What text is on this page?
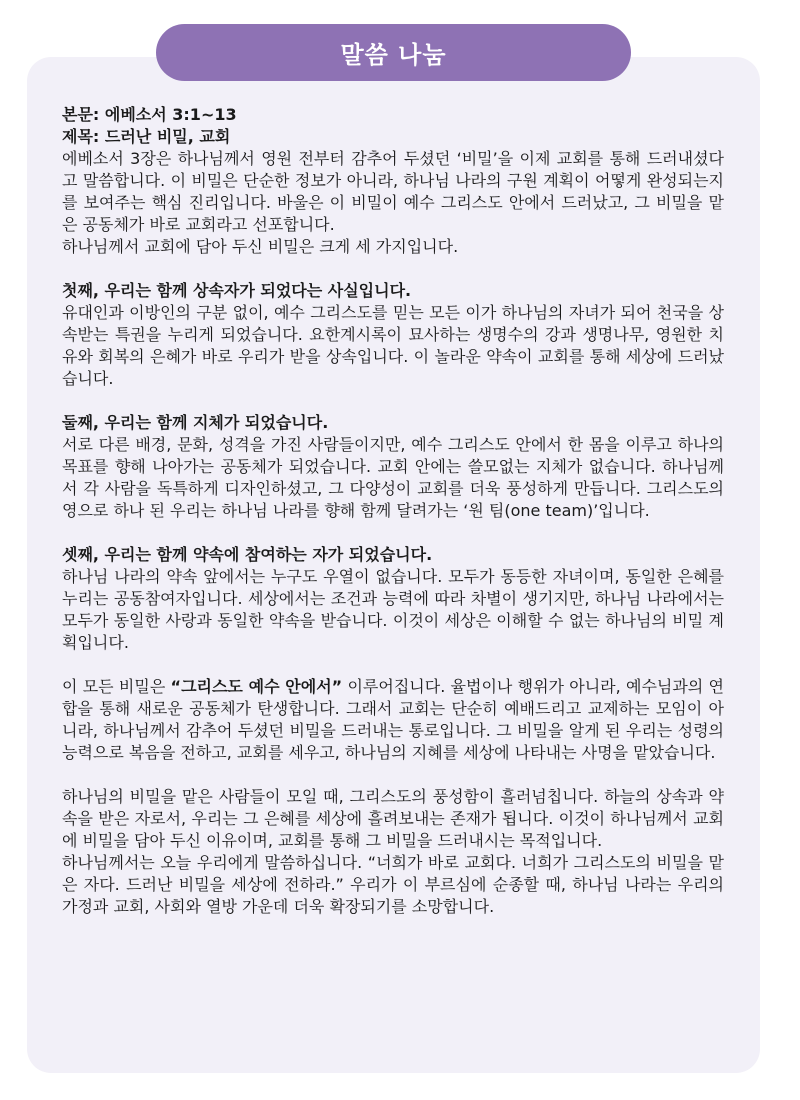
말씀 나눔
본문: 에베소서 3:1~13
제목: 드러난 비밀, 교회

에베소서 3장은 하나님께서 영원 전부터 감추어 두셨던 ‘비밀’을 이제 교회를 통해 드러내셨다고 말씀합니다. 이 비밀은 단순한 정보가 아니라, 하나님 나라의 구원 계획이 어떻게 완성되는지를 보여주는 핵심 진리입니다. 바울은 이 비밀이 예수 그리스도 안에서 드러났고, 그 비밀을 맡은 공동체가 바로 교회라고 선포합니다.

하나님께서 교회에 담아 두신 비밀은 크게 세 가지입니다.

첫째, 우리는 함께 상속자가 되었다는 사실입니다.

유대인과 이방인의 구분 없이, 예수 그리스도를 믿는 모든 이가 하나님의 자녀가 되어 천국을 상속받는 특권을 누리게 되었습니다. 요한계시록이 묘사하는 생명수의 강과 생명나무, 영원한 치유와 회복의 은혜가 바로 우리가 받을 상속입니다. 이 놀라운 약속이 교회를 통해 세상에 드러났습니다.

둘째, 우리는 함께 지체가 되었습니다.

서로 다른 배경, 문화, 성격을 가진 사람들이지만, 예수 그리스도 안에서 한 몸을 이루고 하나의 목표를 향해 나아가는 공동체가 되었습니다. 교회 안에는 쓸모없는 지체가 없습니다. 하나님께서 각 사람을 독특하게 디자인하셨고, 그 다양성이 교회를 더욱 풍성하게 만듭니다. 그리스도의 영으로 하나 된 우리는 하나님 나라를 향해 함께 달려가는 ‘원 팀(one team)’입니다.

셋째, 우리는 함께 약속에 참여하는 자가 되었습니다.

하나님 나라의 약속 앞에서는 누구도 우열이 없습니다. 모두가 동등한 자녀이며, 동일한 은혜를 누리는 공동참여자입니다. 세상에서는 조건과 능력에 따라 차별이 생기지만, 하나님 나라에서는 모두가 동일한 사랑과 동일한 약속을 받습니다. 이것이 세상은 이해할 수 없는 하나님의 비밀 계획입니다.

이 모든 비밀은 “그리스도 예수 안에서” 이루어집니다. 율법이나 행위가 아니라, 예수님과의 연합을 통해 새로운 공동체가 탄생합니다. 그래서 교회는 단순히 예배드리고 교제하는 모임이 아니라, 하나님께서 감추어 두셨던 비밀을 드러내는 통로입니다. 그 비밀을 알게 된 우리는 성령의 능력으로 복음을 전하고, 교회를 세우고, 하나님의 지혜를 세상에 나타내는 사명을 맡았습니다.

하나님의 비밀을 맡은 사람들이 모일 때, 그리스도의 풍성함이 흘러넘칩니다. 하늘의 상속과 약속을 받은 자로서, 우리는 그 은혜를 세상에 흘려보내는 존재가 됩니다. 이것이 하나님께서 교회에 비밀을 담아 두신 이유이며, 교회를 통해 그 비밀을 드러내시는 목적입니다.

하나님께서는 오늘 우리에게 말씀하십니다. “너희가 바로 교회다. 너희가 그리스도의 비밀을 맡은 자다. 드러난 비밀을 세상에 전하라.” 우리가 이 부르심에 순종할 때, 하나님 나라는 우리의 가정과 교회, 사회와 열방 가운데 더욱 확장되기를 소망합니다.
